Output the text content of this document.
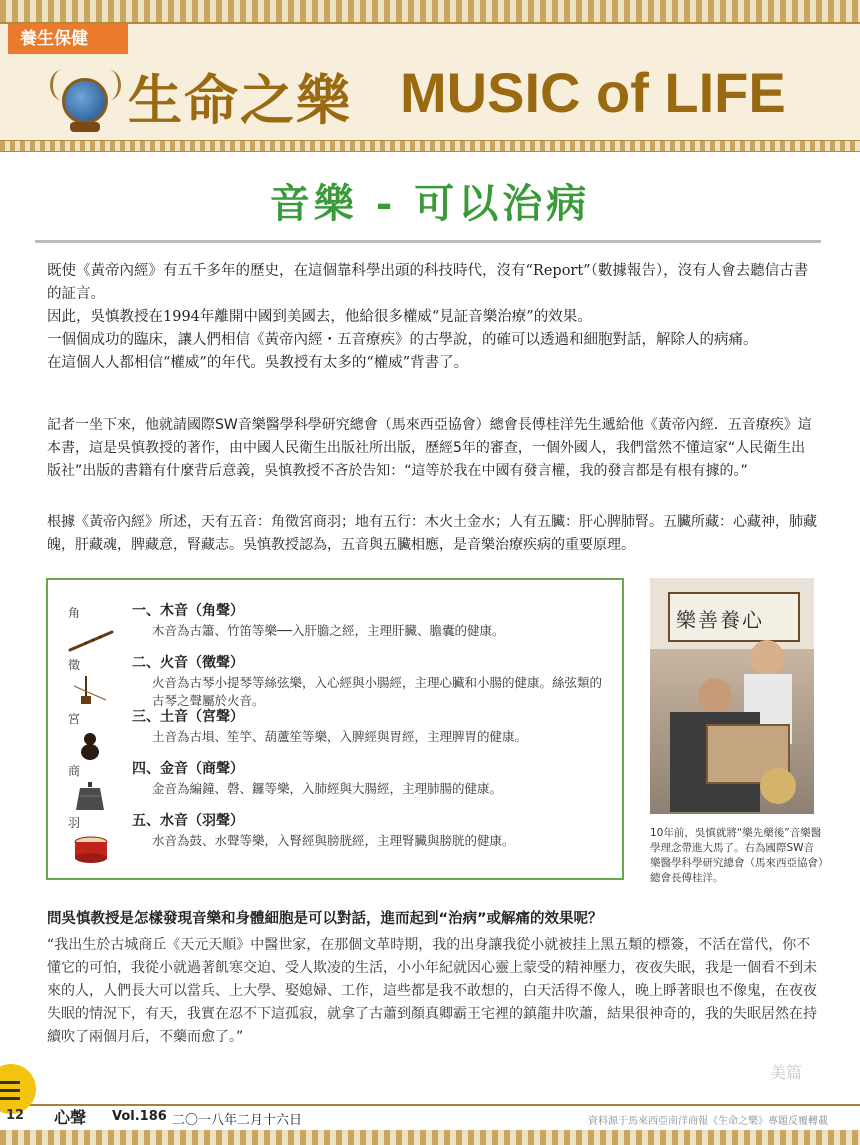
養生保健
生命之樂 MUSIC of LIFE
音樂 - 可以治病

既使《黃帝內經》有五千多年的歷史，在這個靠科學出頭的科技時代，沒有“Report”（數據報告），沒有人會去聽信古書的証言。

因此，吳慎教授在1994年離開中國到美國去，他給很多權威“見証音樂治療”的效果。

一個個成功的臨床，讓人們相信《黃帝內經・五音療疾》的古學說，的確可以透過和細胞對話，解除人的病痛。

在這個人人都相信“權威”的年代。吳教授有太多的“權威”背書了。

記者一坐下來，他就請國際SW音樂醫學科學研究總會（馬來西亞協會）總會長傅桂洋先生遞給他《黃帝內經．五音療疾》這本書，這是吳慎教授的著作，由中國人民衛生出版社所出版，歷經5年的審查，一個外國人，我們當然不懂這家“人民衛生出版社”出版的書籍有什麼背后意義，吳慎教授不吝於告知：“這等於我在中國有發言權，我的發言都是有根有據的。”

根據《黃帝內經》所述，天有五音：角徵宮商羽；地有五行：木火土金水；人有五臟：肝心脾肺腎。五臟所藏：心藏神，肺藏魄，肝藏魂，脾藏意，腎藏志。吳慎教授認為，五音與五臟相應，是音樂治療疾病的重要原理。

角	一、木音（角聲）
木音為古簫、竹笛等樂──入肝膽之經，主理肝臟、膽囊的健康。
徵	二、火音（徵聲）
火音為古琴小提琴等絲弦樂，入心經與小腸經，主理心臟和小腸的健康。絲弦類的古琴之聲屬於火音。
宮	三、土音（宮聲）
土音為古塤、笙竽、葫蘆笙等樂，入脾經與胃經，主理脾胃的健康。
商	四、金音（商聲）
金音為編鐘、磬、鑼等樂，入肺經與大腸經，主理肺腸的健康。
羽	五、水音（羽聲）
水音為鼓、水聲等樂，入腎經與膀胱經，主理腎臟與膀胱的健康。
樂善養心
10年前，吳慎就將“樂先藥後”音樂醫學理念帶進大馬了。右為國際SW音樂醫學科學研究總會（馬來西亞協會）總會長傅桂洋。
問吳慎教授是怎樣發現音樂和身體細胞是可以對話，進而起到“治病”或解痛的效果呢？
“我出生於古城商丘《天元天順》中醫世家，在那個文革時期，我的出身讓我從小就被挂上黑五類的標簽，不活在當代，你不懂它的可怕，我從小就過著飢寒交迫、受人欺凌的生活，小小年紀就因心靈上蒙受的精神壓力，夜夜失眠，我是一個看不到未來的人，人們長大可以當兵、上大學、娶媳婦、工作，這些都是我不敢想的，白天活得不像人，晚上睜著眼也不像鬼，在夜夜失眠的情況下，有天，我實在忍不下這孤寂，就拿了古蕭到顏真卿霸王宅裡的鎮龍井吹蕭，結果很神奇的，我的失眠居然在持續吹了兩個月后，不藥而愈了。”
美篇
12 心聲 Vol.186 二〇一八年二月十六日	資料源于馬來西亞南洋商報《生命之樂》專題反覆轉載
